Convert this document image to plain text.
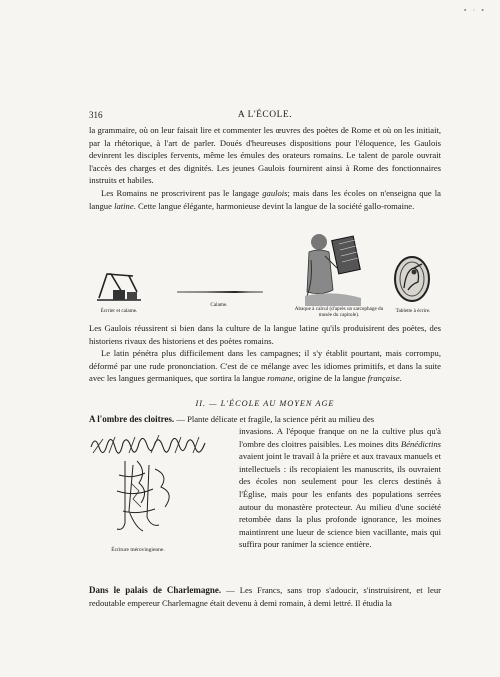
• · •
316	A L'ÉCOLE.

la grammaire, où on leur faisait lire et commenter les œuvres des poètes de Rome et où on les initiait, par la rhétorique, à l'art de parler. Doués d'heureuses dispositions pour l'éloquence, les Gaulois devinrent les disciples fervents, même les émules des orateurs romains. Le talent de parole ouvrait l'accès des charges et des dignités. Les jeunes Gaulois fournirent ainsi à Rome des fonctionnaires instruits et habiles.

Les Romains ne proscrivirent pas le langage gaulois; mais dans les écoles on n'enseigna que la langue latine. Cette langue élégante, harmonieuse devint la langue de la société gallo-romaine.

Écrrier et calame.
Calame.
Abaque à calcul (d'après un sarcophage du musée du capitole).
Tablette à écrire.

Les Gaulois réussirent si bien dans la culture de la langue latine qu'ils produisirent des poètes, des historiens rivaux des historiens et des poètes romains.

Le latin pénétra plus difficilement dans les campagnes; il s'y établit pourtant, mais corrompu, déformé par une rude prononciation. C'est de ce mélange avec les idiomes primitifs, et dans la suite avec les langues germaniques, que sortira la langue romane, origine de la langue française.

II. — L'ÉCOLE AU MOYEN AGE
A l'ombre des cloitres. — Plante délicate et fragile, la science périt au milieu des
Écriture mérovingienne.
invasions. A l'époque franque on ne la cultive plus qu'à l'ombre des cloitres paisibles. Les moines dits Bénédictins avaient joint le travail à la prière et aux travaux manuels et intellectuels : ils recopiaient les manuscrits, ils ouvraient des écoles non seulement pour les clercs destinés à l'Église, mais pour les enfants des populations serrées autour du monastère protecteur. Au milieu d'une société retombée dans la plus profonde ignorance, les moines maintinrent une lueur de science bien vacillante, mais qui suffira pour ranimer la science entière.
Dans le palais de Charlemagne. — Les Francs, sans trop s'adoucir, s'instruisirent, et leur redoutable empereur Charlemagne était devenu à demi romain, à demi lettré. Il étudia la
